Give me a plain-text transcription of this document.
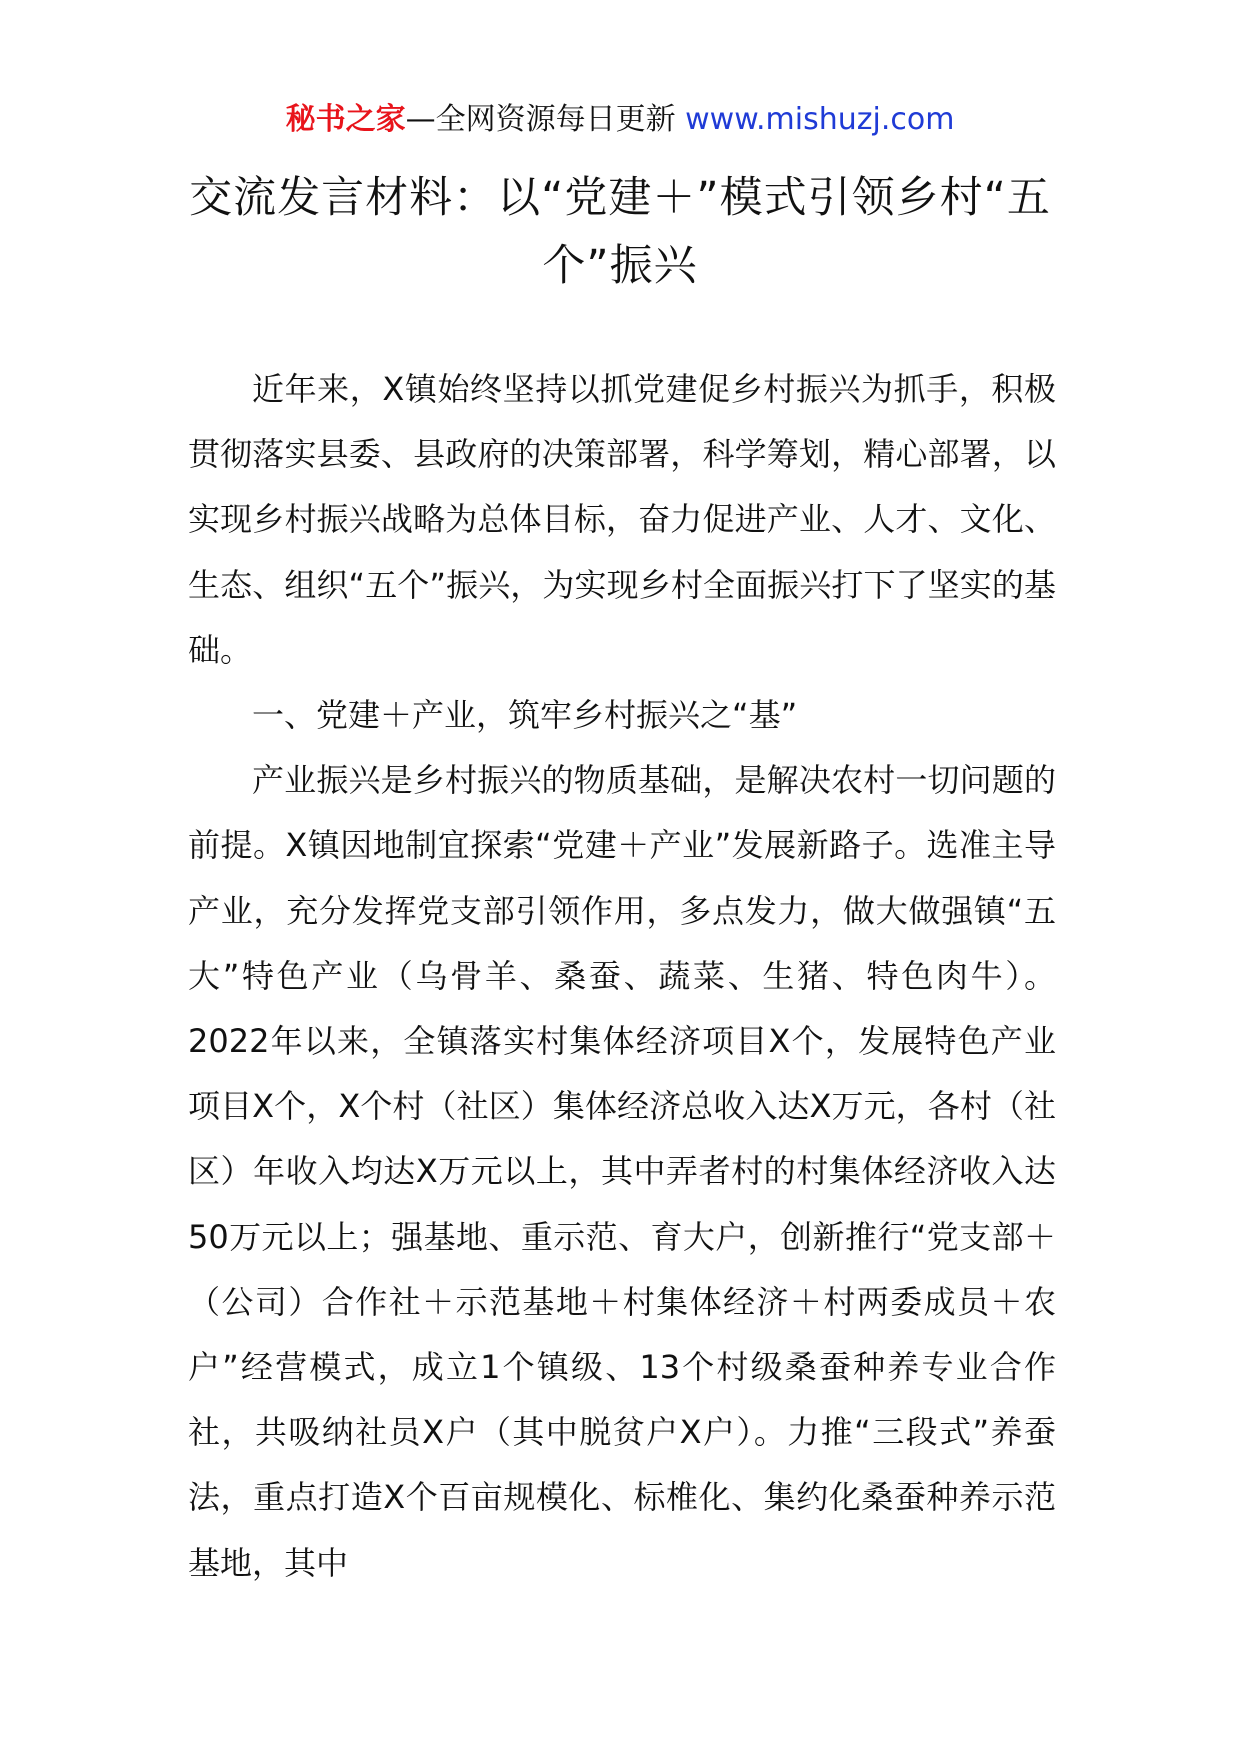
秘书之家—全网资源每日更新 www.mishuzj.com
交流发言材料：以“党建＋”模式引领乡村“五个”振兴

近年来，X镇始终坚持以抓党建促乡村振兴为抓手，积极贯彻落实县委、县政府的决策部署，科学筹划，精心部署，以实现乡村振兴战略为总体目标，奋力促进产业、人才、文化、生态、组织“五个”振兴，为实现乡村全面振兴打下了坚实的基础。

一、党建＋产业，筑牢乡村振兴之“基”

产业振兴是乡村振兴的物质基础，是解决农村一切问题的前提。X镇因地制宜探索“党建＋产业”发展新路子。选准主导产业，充分发挥党支部引领作用，多点发力，做大做强镇“五大”特色产业（乌骨羊、桑蚕、蔬菜、生猪、特色肉牛）。2022年以来，全镇落实村集体经济项目X个，发展特色产业项目X个，X个村（社区）集体经济总收入达X万元，各村（社区）年收入均达X万元以上，其中弄者村的村集体经济收入达50万元以上；强基地、重示范、育大户，创新推行“党支部＋（公司）合作社＋示范基地＋村集体经济＋村两委成员＋农户”经营模式，成立1个镇级、13个村级桑蚕种养专业合作社，共吸纳社员X户（其中脱贫户X户）。力推“三段式”养蚕法，重点打造X个百亩规模化、标椎化、集约化桑蚕种养示范基地，其中
